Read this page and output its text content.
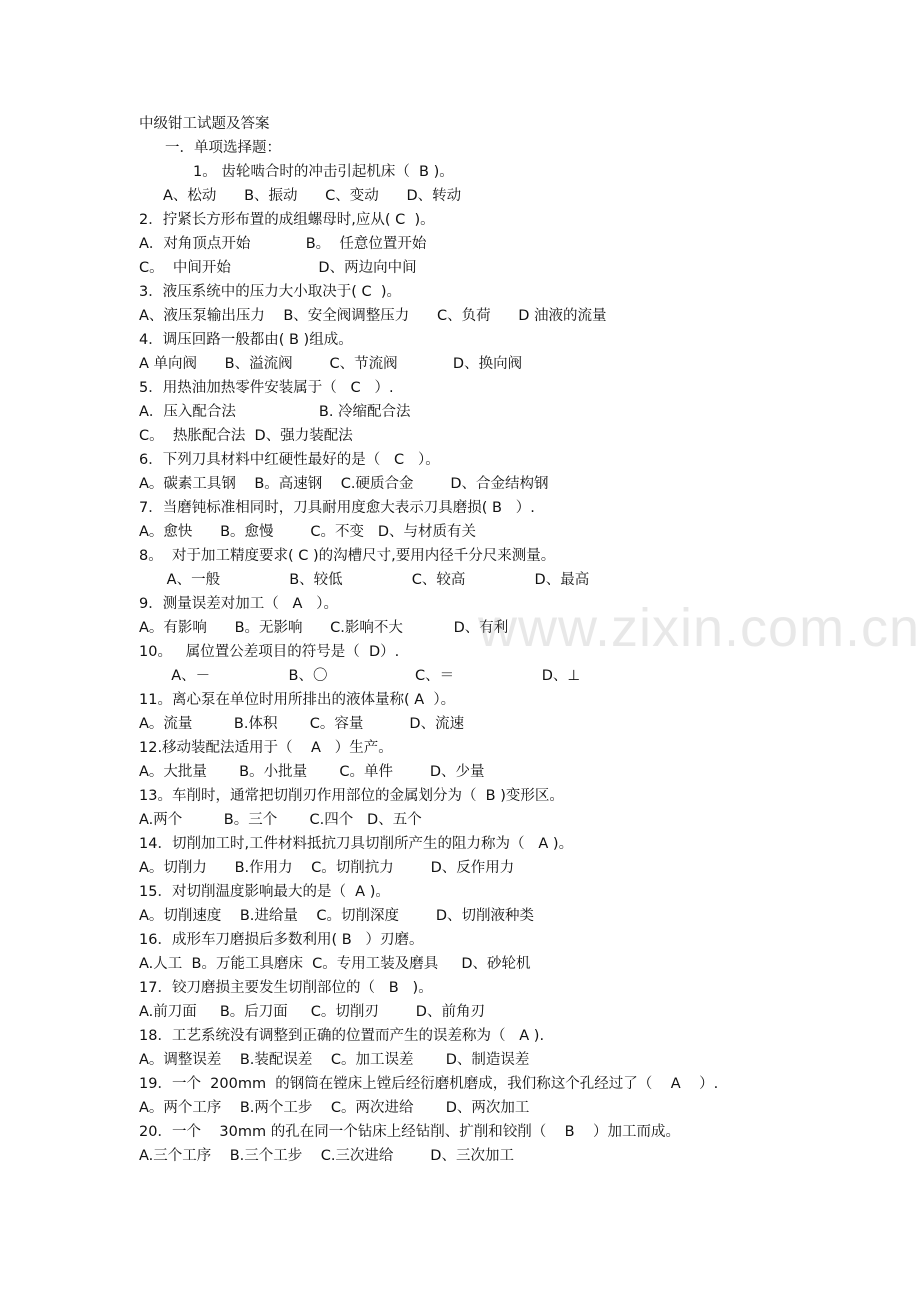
中级钳工试题及答案
一．单项选择题：
1。 齿轮啮合时的冲击引起机床（  B )。
A、松动      B、振动      C、变动      D、转动
2．拧紧长方形布置的成组螺母时,应从( C  )。
A．对角顶点开始            B。  任意位置开始
C。  中间开始                   D、两边向中间
3．液压系统中的压力大小取决于( C  )。
A、液压泵输出压力    B、安全阀调整压力      C、负荷      D 油液的流量
4．调压回路一般都由( B )组成。
A 单向阀      B、溢流阀        C、节流阀            D、换向阀
5．用热油加热零件安装属于（   C   ）.
A．压入配合法                  B. 冷缩配合法
C。  热胀配合法  D、强力装配法
6．下列刀具材料中红硬性最好的是（   C   ）。
A。碳素工具钢    B。高速钢    C.硬质合金        D、合金结构钢
7．当磨钝标准相同时，刀具耐用度愈大表示刀具磨损( B   ）.
A。愈快      B。愈慢        C。不变   D、与材质有关
8。  对于加工精度要求( C )的沟槽尺寸,要用内径千分尺来测量。
A、一般               B、较低               C、较高               D、最高
9．测量误差对加工（   A   ）。
A。有影响      B。无影响      C.影响不大           D、有利
10。   属位置公差项目的符号是（  D）.
A、－                 B、〇                   C、＝                   D、⊥
11。离心泵在单位时用所排出的液体量称( A  ）。
A。流量         B.体积       C。容量          D、流速
12.移动装配法适用于（    A   ）生产。
A。大批量       B。小批量       C。单件        D、少量
13。车削时，通常把切削刃作用部位的金属划分为（  B )变形区。
A.两个         B。三个       C.四个   D、五个
14．切削加工时,工件材料抵抗刀具切削所产生的阻力称为（   A )。
A。切削力      B.作用力    C。切削抗力        D、反作用力
15．对切削温度影响最大的是（  A )。
A。切削速度    B.进给量    C。切削深度        D、切削液种类
16．成形车刀磨损后多数利用( B   ）刃磨。
A.人工  B。万能工具磨床  C。专用工装及磨具     D、砂轮机
17．铰刀磨损主要发生切削部位的（   B   )。
A.前刀面     B。后刀面     C。切削刃        D、前角刃
18．工艺系统没有调整到正确的位置而产生的误差称为（   A ).
A。调整误差    B.装配误差    C。加工误差       D、制造误差
19．一个  200mm  的钢筒在镗床上镗后经衍磨机磨成，我们称这个孔经过了（    A    ）.
A。两个工序    B.两个工步    C。两次进给       D、两次加工
20．一个    30mm 的孔在同一个钻床上经钻削、扩削和铰削（    B    ）加工而成。
A.三个工序    B.三个工步    C.三次进给        D、三次加工
www.zixin.com.cn
